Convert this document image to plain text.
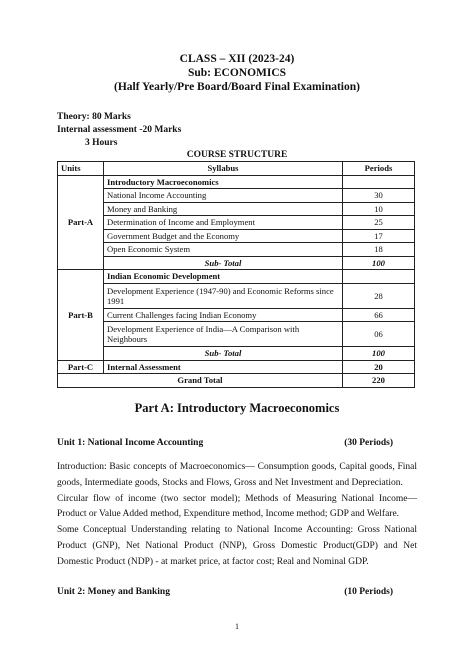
CLASS – XII (2023-24)
Sub: ECONOMICS
(Half Yearly/Pre Board/Board Final Examination)
Theory: 80 Marks
Internal assessment -20 Marks
3 Hours
COURSE STRUCTURE
Units	Syllabus	Periods
Part-A	Introductory Macroeconomics	
	National Income Accounting	30
	Money and Banking	10
	Determination of Income and Employment	25
	Government Budget and the Economy	17
	Open Economic System	18
	Sub- Total	100
Part-B	Indian Economic Development	
	Development Experience (1947-90) and Economic Reforms since 1991	28
	Current Challenges facing Indian Economy	66
	Development Experience of India—A Comparison with Neighbours	06
	Sub- Total	100
Part-C	Internal Assessment	20
Grand Total		220
Part A: Introductory Macroeconomics
Unit 1: National Income Accounting	(30 Periods)

Introduction: Basic concepts of Macroeconomics— Consumption goods, Capital goods, Final goods, Intermediate goods, Stocks and Flows, Gross and Net Investment and Depreciation.

Circular flow of income (two sector model); Methods of Measuring National Income—Product or Value Added method, Expenditure method, Income method; GDP and Welfare.

Some Conceptual Understanding relating to National Income Accounting: Gross National Product (GNP), Net National Product (NNP), Gross Domestic Product(GDP) and Net Domestic Product (NDP) - at market price, at factor cost; Real and Nominal GDP.

Unit 2: Money and Banking	(10 Periods)
1
